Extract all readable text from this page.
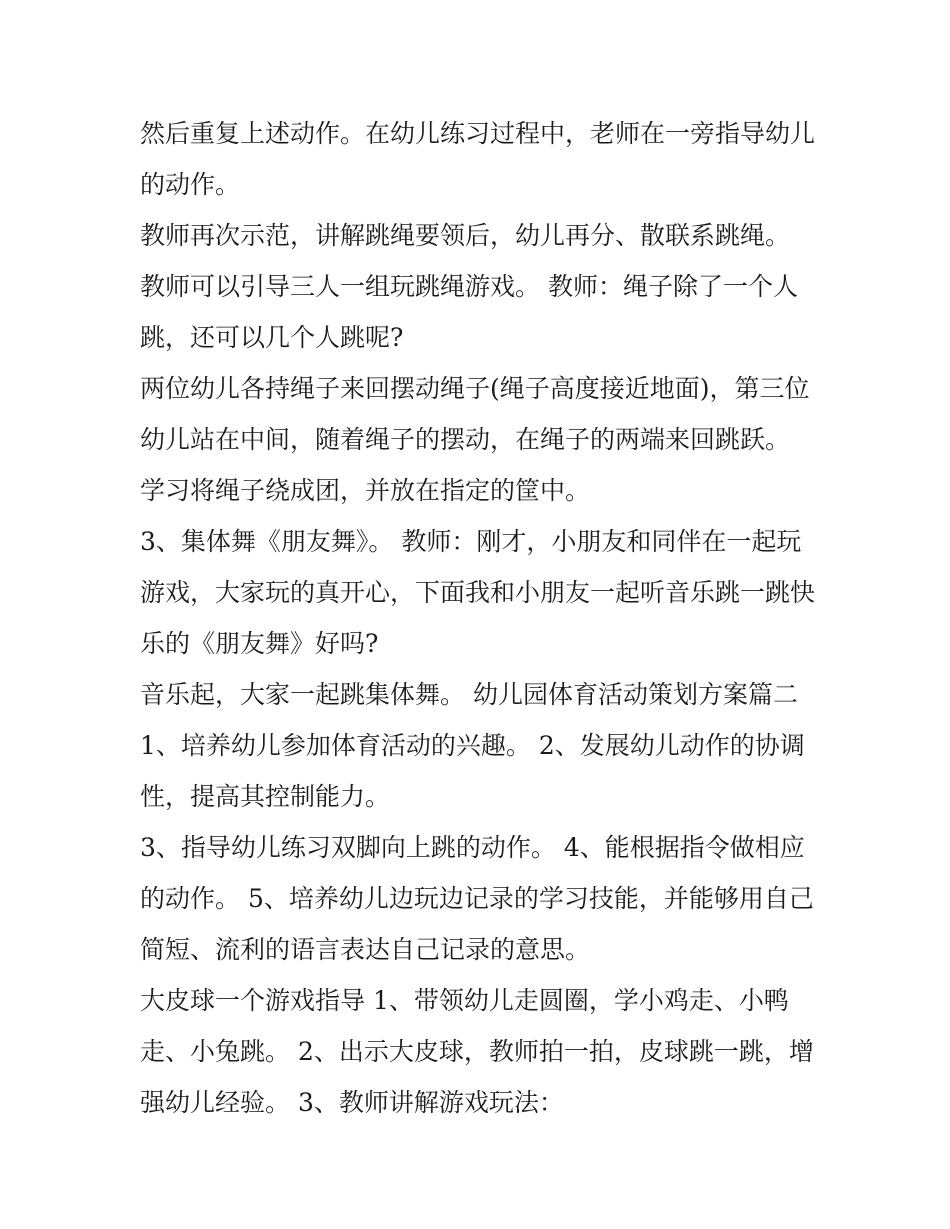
然后重复上述动作。在幼儿练习过程中，老师在一旁指导幼儿
的动作。
教师再次示范，讲解跳绳要领后，幼儿再分、散联系跳绳。
教师可以引导三人一组玩跳绳游戏。 教师：绳子除了一个人
跳，还可以几个人跳呢?
两位幼儿各持绳子来回摆动绳子(绳子高度接近地面)，第三位
幼儿站在中间，随着绳子的摆动，在绳子的两端来回跳跃。
学习将绳子绕成团，并放在指定的筐中。
3、集体舞《朋友舞》。 教师：刚才，小朋友和同伴在一起玩
游戏，大家玩的真开心，下面我和小朋友一起听音乐跳一跳快
乐的《朋友舞》好吗?
音乐起，大家一起跳集体舞。 幼儿园体育活动策划方案篇二
1、培养幼儿参加体育活动的兴趣。 2、发展幼儿动作的协调
性，提高其控制能力。
3、指导幼儿练习双脚向上跳的动作。 4、能根据指令做相应
的动作。 5、培养幼儿边玩边记录的学习技能，并能够用自己
简短、流利的语言表达自己记录的意思。
大皮球一个游戏指导 1、带领幼儿走圆圈，学小鸡走、小鸭
走、小兔跳。 2、出示大皮球，教师拍一拍，皮球跳一跳，增
强幼儿经验。 3、教师讲解游戏玩法：
